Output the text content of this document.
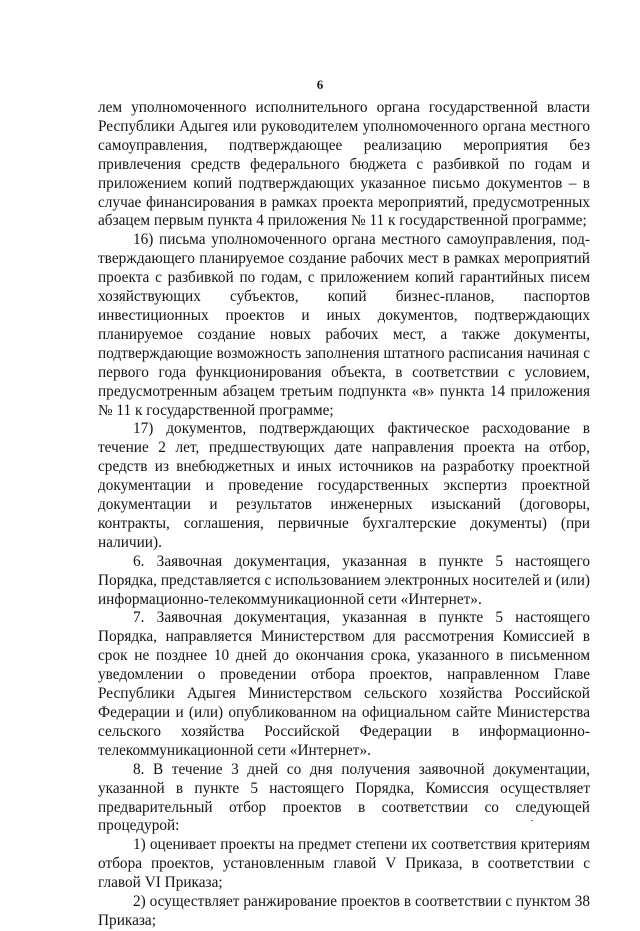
6

лем уполномоченного исполнительного органа государственной власти Республики Адыгея или руководителем уполномоченного органа местного самоуправления, подтверждающее реализацию мероприятия без привлечения средств федерального бюджета с разбивкой по годам и приложением копий подтверждающих указанное письмо документов – в случае финансирования в рамках проекта мероприятий, предусмотренных абзацем первым пункта 4 приложения № 11 к государственной программе;

16) письма уполномоченного органа местного самоуправления, подтверждающего планируемое создание рабочих мест в рамках мероприятий проекта с разбивкой по годам, с приложением копий гарантийных писем хозяйствующих субъектов, копий бизнес-планов, паспортов инвестиционных проектов и иных документов, подтверждающих планируемое создание новых рабочих мест, а также документы, подтверждающие возможность заполнения штатного расписания начиная с первого года функционирования объекта, в соответствии с условием, предусмотренным абзацем третьим подпункта «в» пункта 14 приложения № 11 к государственной программе;

17) документов, подтверждающих фактическое расходование в течение 2 лет, предшествующих дате направления проекта на отбор, средств из внебюджетных и иных источников на разработку проектной документации и проведение государственных экспертиз проектной документации и результатов инженерных изысканий (договоры, контракты, соглашения, первичные бухгалтерские документы) (при наличии).

6. Заявочная документация, указанная в пункте 5 настоящего Порядка, представляется с использованием электронных носителей и (или) информационно-телекоммуникационной сети «Интернет».

7. Заявочная документация, указанная в пункте 5 настоящего Порядка, направляется Министерством для рассмотрения Комиссией в срок не позднее 10 дней до окончания срока, указанного в письменном уведомлении о проведении отбора проектов, направленном Главе Республики Адыгея Министерством сельского хозяйства Российской Федерации и (или) опубликованном на официальном сайте Министерства сельского хозяйства Российской Федерации в информационно-телекоммуникационной сети «Интернет».

8. В течение 3 дней со дня получения заявочной документации, указанной в пункте 5 настоящего Порядка, Комиссия осуществляет предварительный отбор проектов в соответствии со следующей процедурой:

1) оценивает проекты на предмет степени их соответствия критериям отбора проектов, установленным главой V Приказа, в соответствии с главой VI Приказа;

2) осуществляет ранжирование проектов в соответствии с пунктом 38 Приказа;
